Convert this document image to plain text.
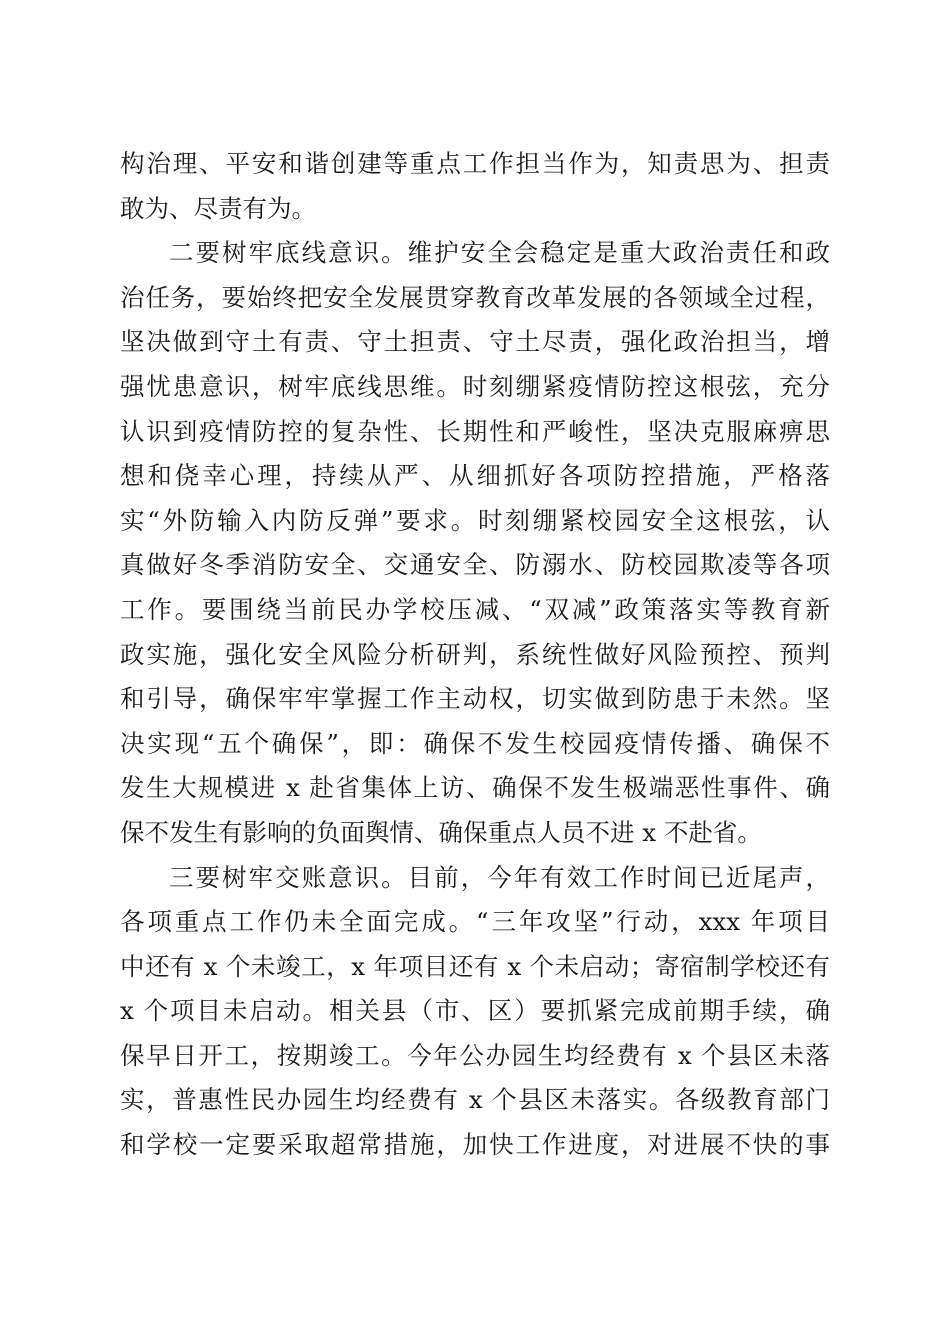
构治理、平安和谐创建等重点工作担当作为，知责思为、担责
敢为、尽责有为。
二要树牢底线意识。维护安全会稳定是重大政治责任和政
治任务，要始终把安全发展贯穿教育改革发展的各领域全过程，
坚决做到守土有责、守土担责、守土尽责，强化政治担当，增
强忧患意识，树牢底线思维。时刻绷紧疫情防控这根弦，充分
认识到疫情防控的复杂性、长期性和严峻性，坚决克服麻痹思
想和侥幸心理，持续从严、从细抓好各项防控措施，严格落
实“外防输入内防反弹”要求。时刻绷紧校园安全这根弦，认
真做好冬季消防安全、交通安全、防溺水、防校园欺凌等各项
工作。要围绕当前民办学校压减、“双减”政策落实等教育新
政实施，强化安全风险分析研判，系统性做好风险预控、预判
和引导，确保牢牢掌握工作主动权，切实做到防患于未然。坚
决实现“五个确保”，即：确保不发生校园疫情传播、确保不
发生大规模进 x 赴省集体上访、确保不发生极端恶性事件、确
保不发生有影响的负面舆情、确保重点人员不进 x 不赴省。
三要树牢交账意识。目前，今年有效工作时间已近尾声，
各项重点工作仍未全面完成。“三年攻坚”行动，xxx 年项目
中还有 x 个未竣工，x 年项目还有 x 个未启动；寄宿制学校还有
x 个项目未启动。相关县（市、区）要抓紧完成前期手续，确
保早日开工，按期竣工。今年公办园生均经费有 x 个县区未落
实，普惠性民办园生均经费有 x 个县区未落实。各级教育部门
和学校一定要采取超常措施，加快工作进度，对进展不快的事
